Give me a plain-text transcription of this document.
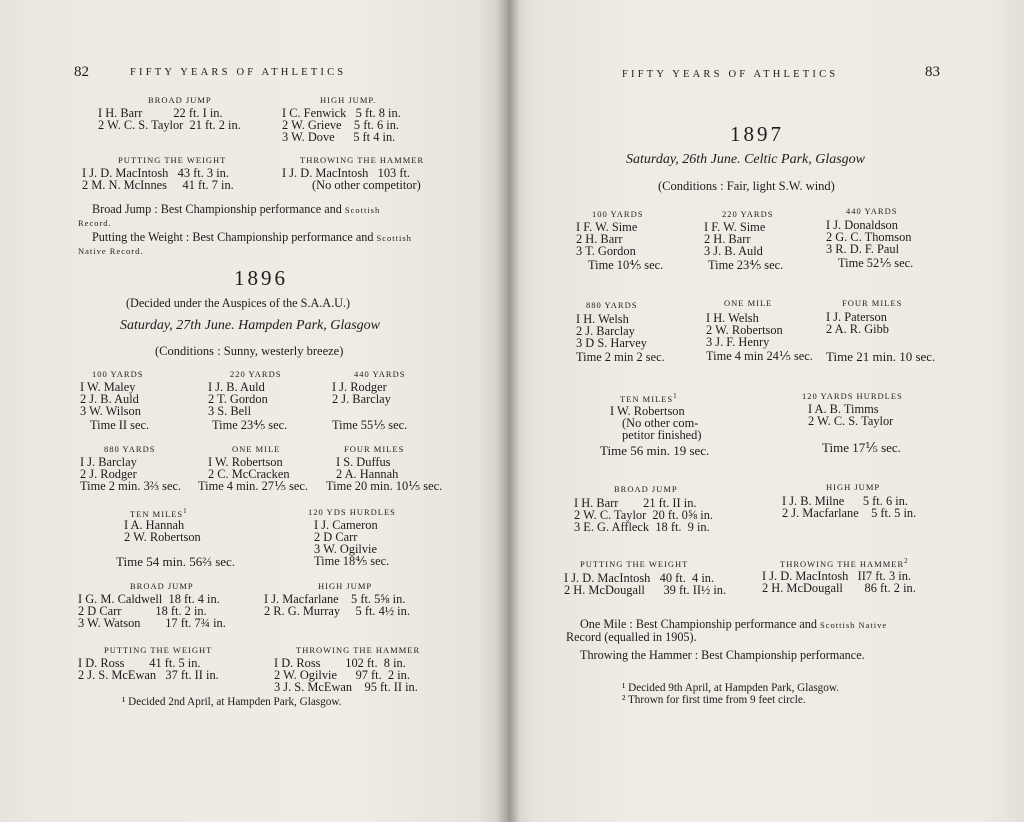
82	FIFTY YEARS OF ATHLETICS
BROAD JUMP
I H. Barr          22 ft. I in.
2 W. C. S. Taylor  21 ft. 2 in.
HIGH JUMP.
I C. Fenwick   5 ft. 8 in.
2 W. Grieve    5 ft. 6 in.
3 W. Dove      5 ft 4 in.
PUTTING THE WEIGHT
I J. D. MacIntosh   43 ft. 3 in.
2 M. N. McInnes     41 ft. 7 in.
THROWING THE HAMMER
I J. D. MacIntosh   103 ft.
(No other competitor)
Broad Jump : Best Championship performance and Scottish
Record.
Putting the Weight : Best Championship performance and Scottish
Native Record.
1896
(Decided under the Auspices of the S.A.A.U.)
Saturday, 27th June. Hampden Park, Glasgow
(Conditions : Sunny, westerly breeze)
100 YARDS
I W. Maley
2 J. B. Auld
3 W. Wilson
Time II sec.
220 YARDS
I J. B. Auld
2 T. Gordon
3 S. Bell
Time 23⅘ sec.
440 YARDS
I J. Rodger
2 J. Barclay
Time 55⅕ sec.
880 YARDS
I J. Barclay
2 J. Rodger
Time 2 min. 3⅔ sec.
ONE MILE
I W. Robertson
2 C. McCracken
Time 4 min. 27⅕ sec.
FOUR MILES
I S. Duffus
2 A. Hannah
Time 20 min. 10⅕ sec.
TEN MILES$^1$
I A. Hannah
2 W. Robertson
Time 54 min. 56⅔ sec.
120 YDS HURDLES
I J. Cameron
2 D Carr
3 W. Ogilvie
Time 18⅘ sec.
BROAD JUMP
I G. M. Caldwell  18 ft. 4 in.
2 D Carr           18 ft. 2 in.
3 W. Watson        17 ft. 7¾ in.
HIGH JUMP
I J. Macfarlane    5 ft. 5⅝ in.
2 R. G. Murray     5 ft. 4½ in.
PUTTING THE WEIGHT
I D. Ross        41 ft. 5 in.
2 J. S. McEwan   37 ft. II in.
THROWING THE HAMMER
I D. Ross        102 ft.  8 in.
2 W. Ogilvie      97 ft.  2 in.
3 J. S. McEwan    95 ft. II in.
¹ Decided 2nd April, at Hampden Park, Glasgow.
FIFTY YEARS OF ATHLETICS	83
1897
Saturday, 26th June. Celtic Park, Glasgow
(Conditions : Fair, light S.W. wind)
100 YARDS
I F. W. Sime
2 H. Barr
3 T. Gordon
Time 10⅘ sec.
220 YARDS
I F. W. Sime
2 H. Barr
3 J. B. Auld
Time 23⅘ sec.
440 YARDS
I J. Donaldson
2 G. C. Thomson
3 R. D. F. Paul
Time 52⅕ sec.
880 YARDS
I H. Welsh
2 J. Barclay
3 D S. Harvey
Time 2 min 2 sec.
ONE MILE
I H. Welsh
2 W. Robertson
3 J. F. Henry
Time 4 min 24⅕ sec.
FOUR MILES
I J. Paterson
2 A. R. Gibb
Time 21 min. 10 sec.
TEN MILES$^1$
I W. Robertson
(No other com-
petitor finished)
Time 56 min. 19 sec.
120 YARDS HURDLES
I A. B. Timms
2 W. C. S. Taylor
Time 17⅕ sec.
BROAD JUMP
I H. Barr        21 ft. II in.
2 W. C. Taylor  20 ft. 0⅝ in.
3 E. G. Affleck  18 ft.  9 in.
HIGH JUMP
I J. B. Milne      5 ft. 6 in.
2 J. Macfarlane    5 ft. 5 in.
PUTTING THE WEIGHT
I J. D. MacIntosh   40 ft.  4 in.
2 H. McDougall      39 ft. II½ in.
THROWING THE HAMMER$^2$
I J. D. MacIntosh   II7 ft. 3 in.
2 H. McDougall       86 ft. 2 in.
One Mile : Best Championship performance and Scottish Native
Record (equalled in 1905).
Throwing the Hammer : Best Championship performance.
¹ Decided 9th April, at Hampden Park, Glasgow.
² Thrown for first time from 9 feet circle.
